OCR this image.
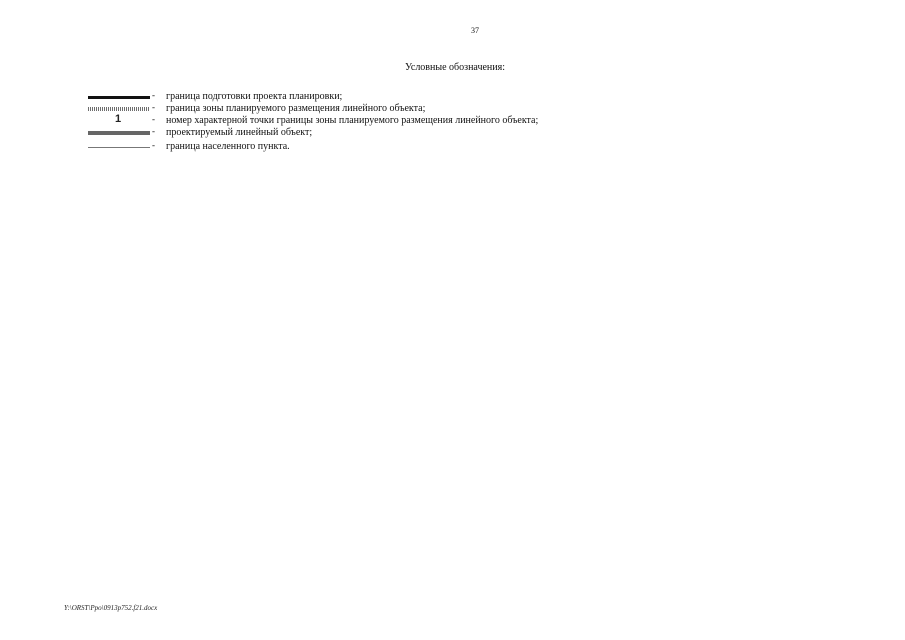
37
Условные обозначения:
- граница подготовки проекта планировки;
- граница зоны планируемого размещения линейного объекта;
1	- номер характерной точки границы зоны планируемого размещения линейного объекта;
- проектируемый линейный объект;
- граница населенного пункта.
Y:\ORST\Ppo\0913p752.f21.docx
